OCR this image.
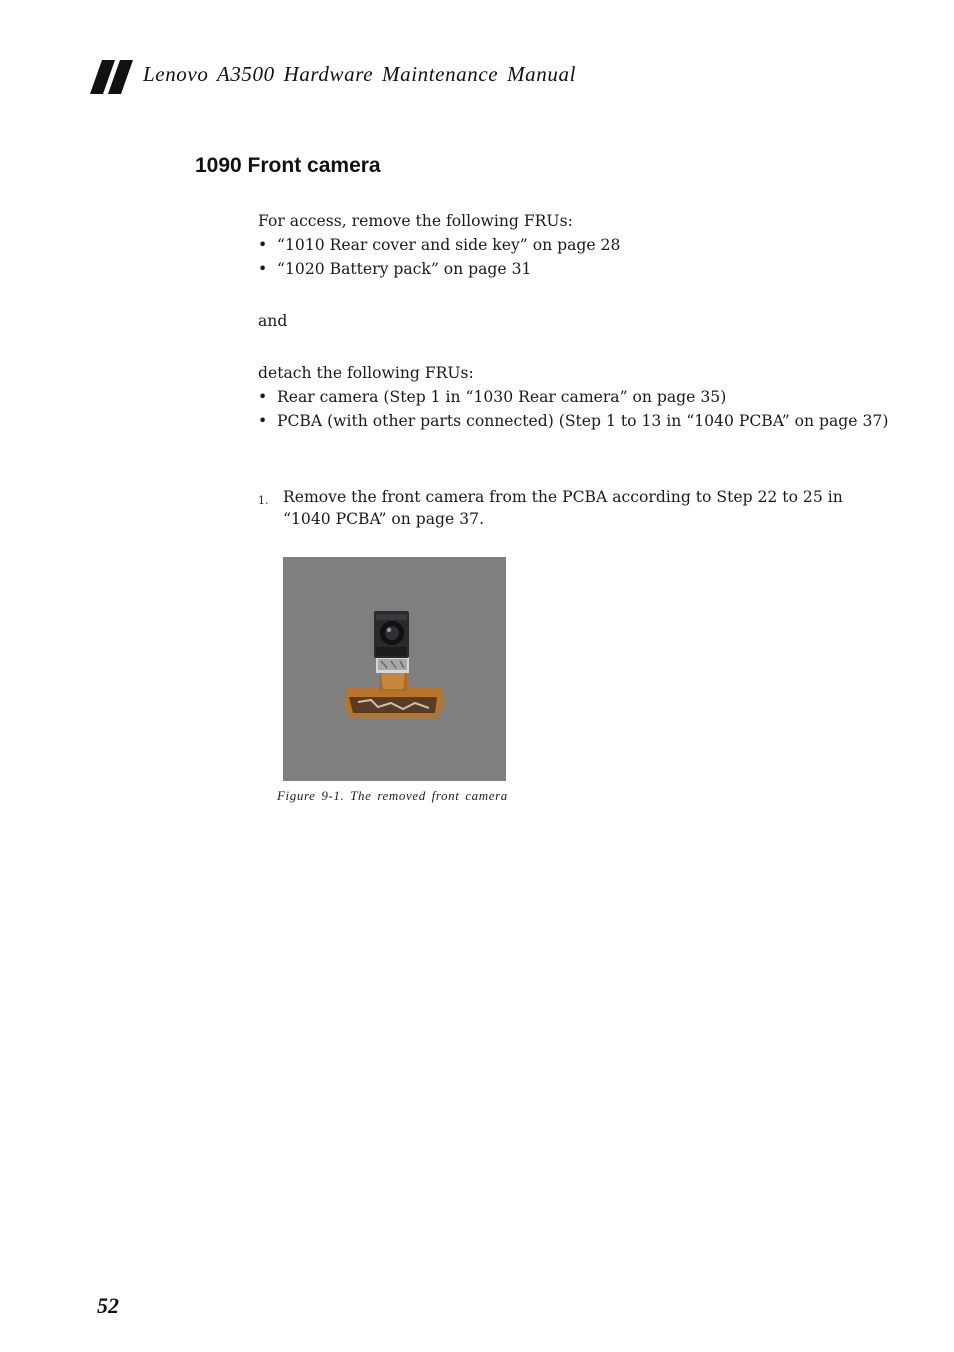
Lenovo A3500 Hardware Maintenance Manual
1090 Front camera
For access, remove the following FRUs:
• “1010 Rear cover and side key” on page 28
• “1020 Battery pack” on page 31
and
detach the following FRUs:
• Rear camera (Step 1 in “1030 Rear camera” on page 35)
• PCBA (with other parts connected) (Step 1 to 13 in “1040 PCBA” on page 37)
1. Remove the front camera from the PCBA according to Step 22 to 25 in “1040 PCBA” on page 37.
Figure 9-1. The removed front camera
52
